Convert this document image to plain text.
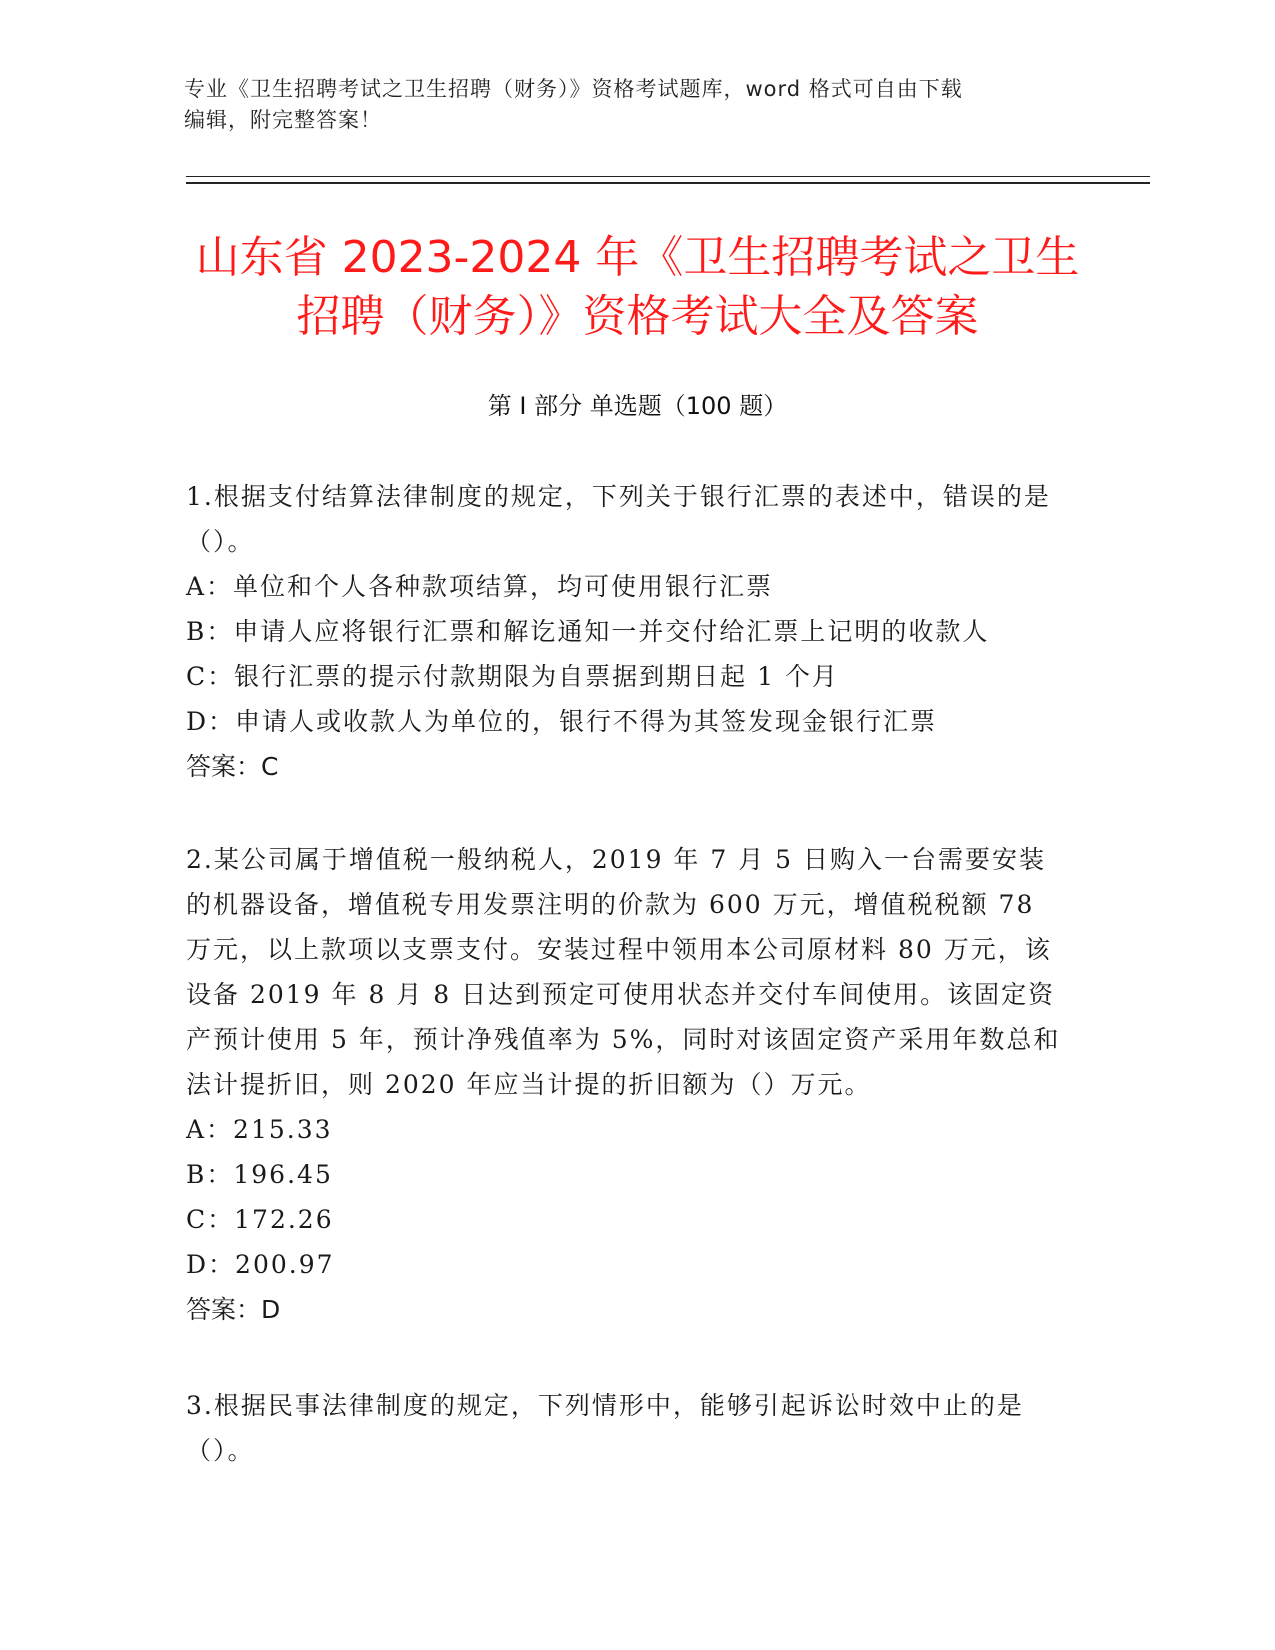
专业《卫生招聘考试之卫生招聘（财务）》资格考试题库，word 格式可自由下载
编辑，附完整答案！
山东省 2023-2024 年《卫生招聘考试之卫生
招聘（财务）》资格考试大全及答案
第 I 部分 单选题（100 题）
1.根据支付结算法律制度的规定，下列关于银行汇票的表述中，错误的是（）。
A：单位和个人各种款项结算，均可使用银行汇票
B：申请人应将银行汇票和解讫通知一并交付给汇票上记明的收款人
C：银行汇票的提示付款期限为自票据到期日起 1 个月
D：申请人或收款人为单位的，银行不得为其签发现金银行汇票
答案：C
2.某公司属于增值税一般纳税人，2019 年 7 月 5 日购入一台需要安装的机器设备，增值税专用发票注明的价款为 600 万元，增值税税额 78 万元，以上款项以支票支付。安装过程中领用本公司原材料 80 万元，该设备 2019 年 8 月 8 日达到预定可使用状态并交付车间使用。该固定资产预计使用 5 年，预计净残值率为 5%，同时对该固定资产采用年数总和法计提折旧，则 2020 年应当计提的折旧额为（）万元。
A：215.33
B：196.45
C：172.26
D：200.97
答案：D
3.根据民事法律制度的规定，下列情形中，能够引起诉讼时效中止的是（）。
